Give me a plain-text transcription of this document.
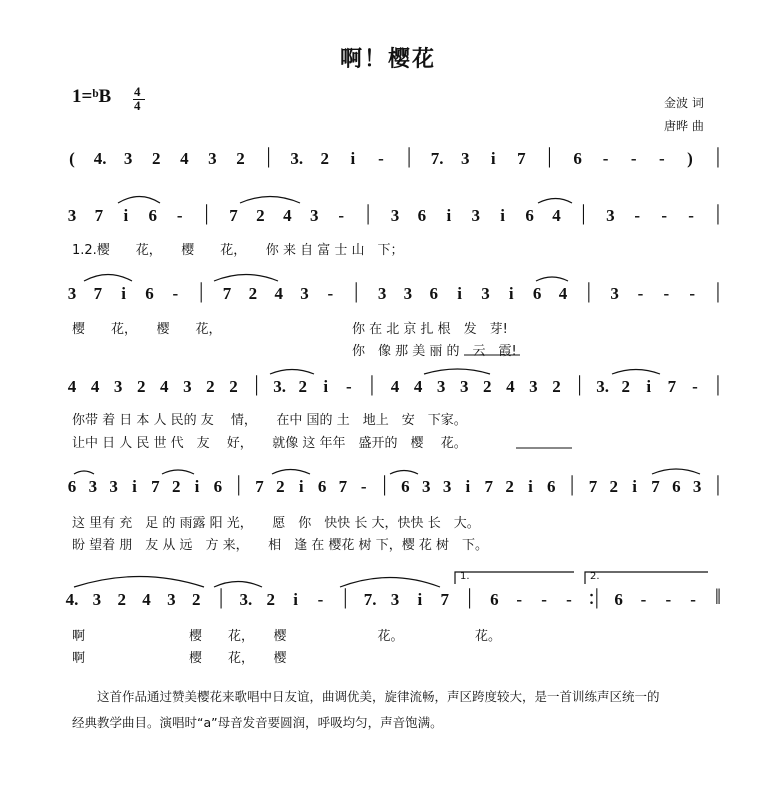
啊！樱花
1=ᵇB 4
4	金波 词
唐晔 曲
( 4. 3 2 4 3 2 | 3. 2 i - | 7. 3 i 7 | 6 - - - ) |
3 7 i 6 - | 7 2 4 3 - | 3 6 i 3 i 6 4 | 3 - - - |
3 7 i 6 - | 7 2 4 3 - | 3 3 6 i 3 i 6 4 | 3 - - - |
4 4 3 2 4 3 2 2 | 3. 2 i - | 4 4 3 3 2 4 3 2 | 3. 2 i 7 - |
6 3 3 i 7 2 i 6 | 7 2 i 6 7 - | 6 3 3 i 7 2 i 6 | 7 2 i 7 6 3 |
4. 3 2 4 3 2 | 3. 2 i - | 7. 3 i 7 | 6 - - - :| 6 - - - ‖
1.2.樱　　花，　　樱　　花，　　你 来 自 富 士 山　下；
樱　　花，　　樱　　花，	你 在 北 京 扎 根　发　芽!
你　像 那 美 丽 的　云　霞!
你带 着 日 本 人 民的 友　 情，　　在中 国的 土　地上　安　下家。
让中 日 人 民 世 代　友　 好，　　就像 这 年年　盛开的　樱　 花。
这 里有 充　足 的 雨露 阳 光，　　愿　你　快快 长 大，快快 长　大。
盼 望着 朋　友 从 远　方 来，　　相　逢 在 樱花 树 下，樱 花 树　下。
啊　　　　　　　　樱　　花，　　樱　　　　　　　花。　　　　　　花。
啊　　　　　　　　樱　　花，　　樱
1.	2.
这首作品通过赞美樱花来歌唱中日友谊，曲调优美，旋律流畅，声区跨度较大，是一首训练声区统一的
经典教学曲目。演唱时“a”母音发音要圆润，呼吸均匀，声音饱满。
